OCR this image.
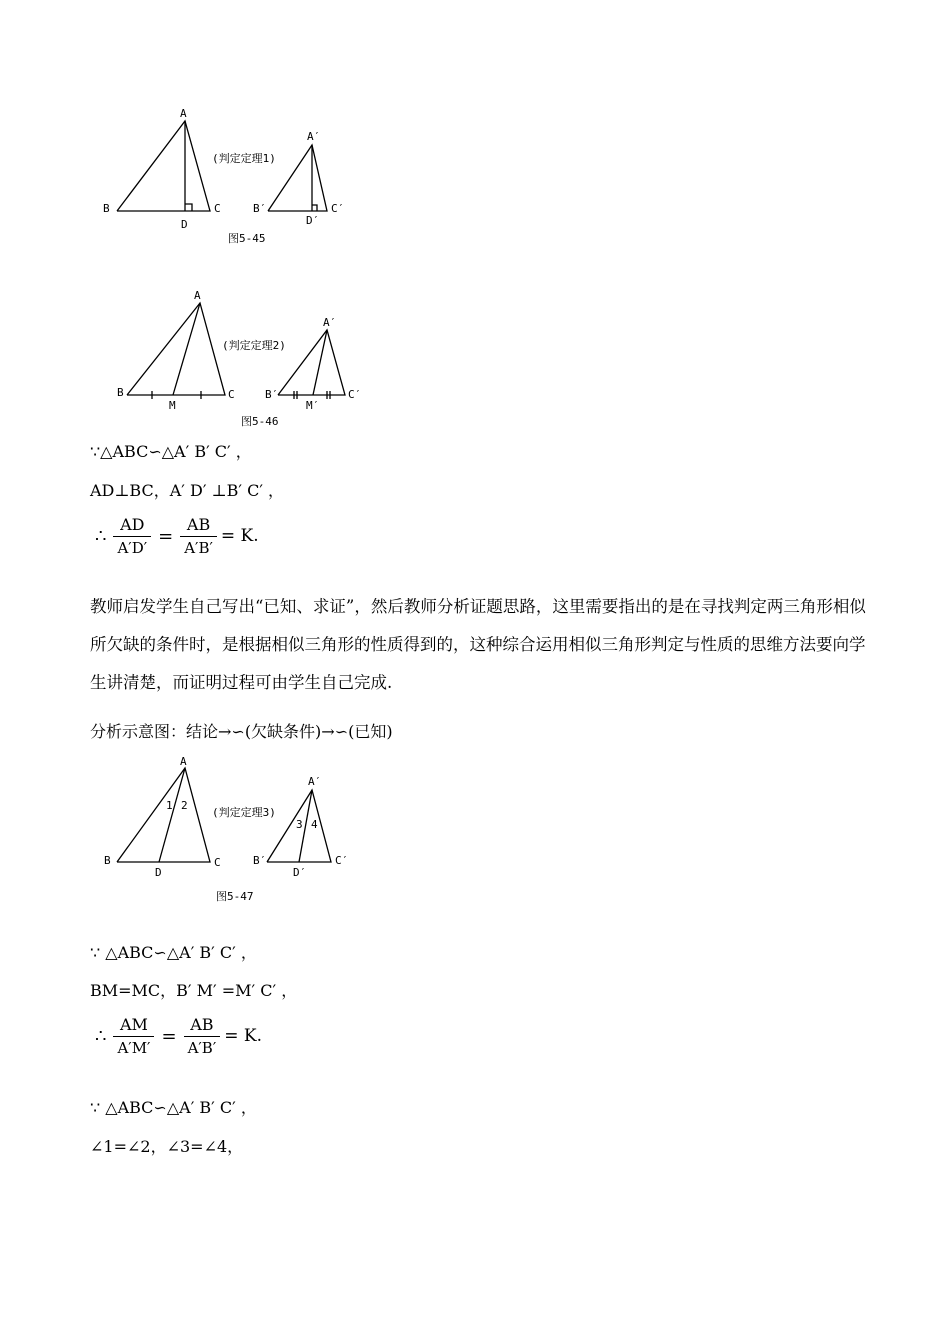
A
B	C
D
(判定定理1)
A′
B′	C′
D′
图5-45
A
B	C
M
(判定定理2)
A′
B′	C′
M′
图5-46
∵△ABC∽△A′ B′ C′ ，
AD⊥BC，A′ D′ ⊥B′ C′ ，
∴ $\frac{AD}{A'D'} = \frac{AB}{A'B'} = K$.
教师启发学生自己写出“已知、求证”，然后教师分析证题思路，这里需要指出的是在寻找判定两三角形相似所欠缺的条件时，是根据相似三角形的性质得到的，这种综合运用相似三角形判定与性质的思维方法要向学生讲清楚，而证明过程可由学生自己完成.
分析示意图：结论→∽(欠缺条件)→∽(已知)
A
1 2
B	C
D
(判定定理3)
A′
3 4
B′	C′
D′
图5-47
∵ △ABC∽△A′ B′ C′ ，
BM=MC，B′ M′ =M′ C′ ，
∴ $\frac{AM}{A'M'} = \frac{AB}{A'B'} = K$.
∵ △ABC∽△A′ B′ C′ ，
∠1=∠2，∠3=∠4，
